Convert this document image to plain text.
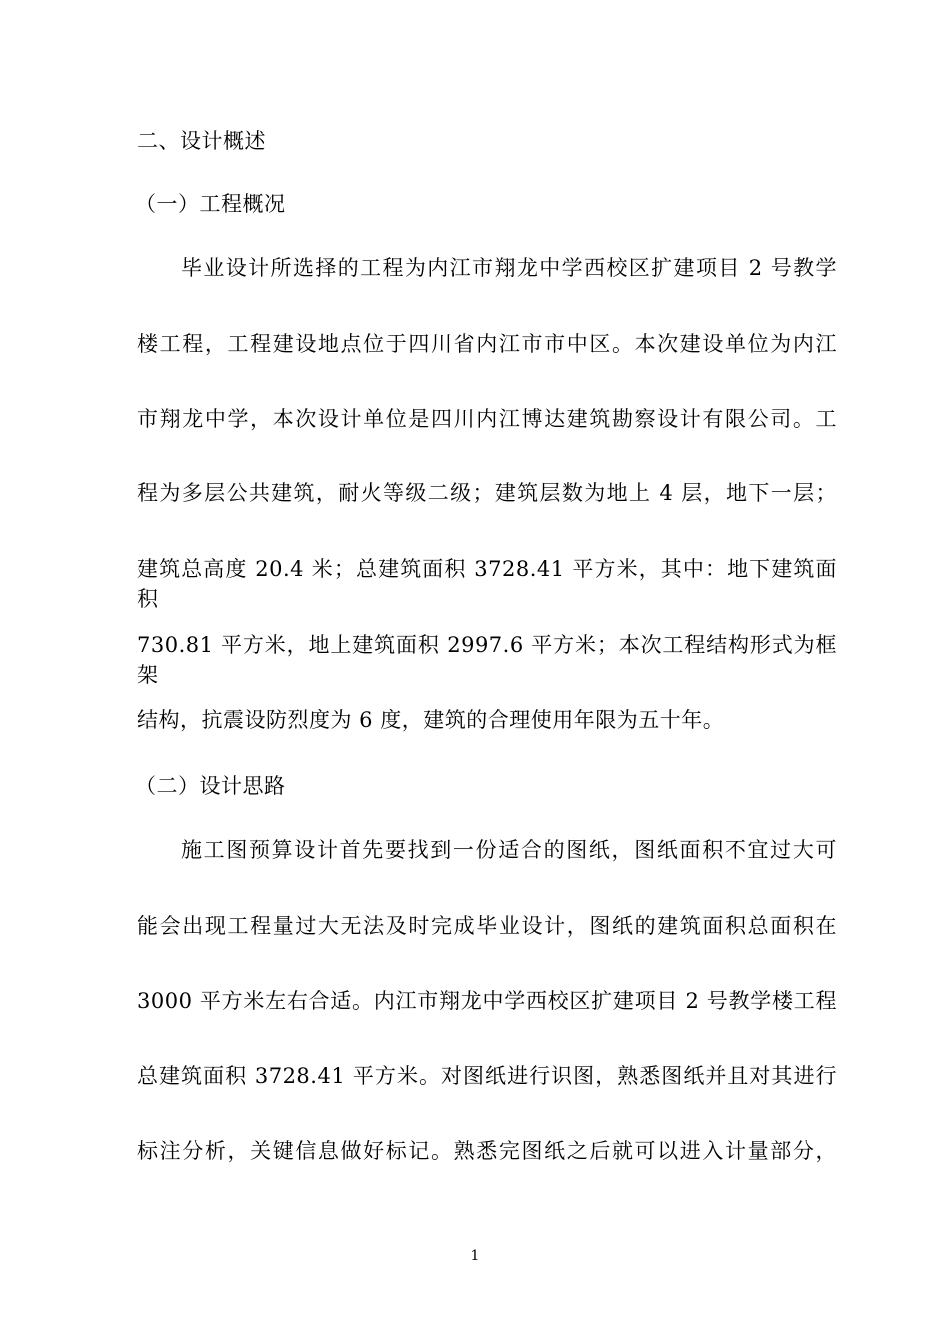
二、设计概述
（一）工程概况
毕业设计所选择的工程为内江市翔龙中学西校区扩建项目 2 号教学
楼工程，工程建设地点位于四川省内江市市中区。本次建设单位为内江
市翔龙中学，本次设计单位是四川内江博达建筑勘察设计有限公司。工
程为多层公共建筑，耐火等级二级；建筑层数为地上 4 层，地下一层；
建筑总高度 20.4 米；总建筑面积 3728.41 平方米，其中：地下建筑面积
730.81 平方米，地上建筑面积 2997.6 平方米；本次工程结构形式为框架
结构，抗震设防烈度为 6 度，建筑的合理使用年限为五十年。
（二）设计思路
施工图预算设计首先要找到一份适合的图纸，图纸面积不宜过大可
能会出现工程量过大无法及时完成毕业设计，图纸的建筑面积总面积在
3000 平方米左右合适。内江市翔龙中学西校区扩建项目 2 号教学楼工程
总建筑面积 3728.41 平方米。对图纸进行识图，熟悉图纸并且对其进行
标注分析，关键信息做好标记。熟悉完图纸之后就可以进入计量部分，
1
